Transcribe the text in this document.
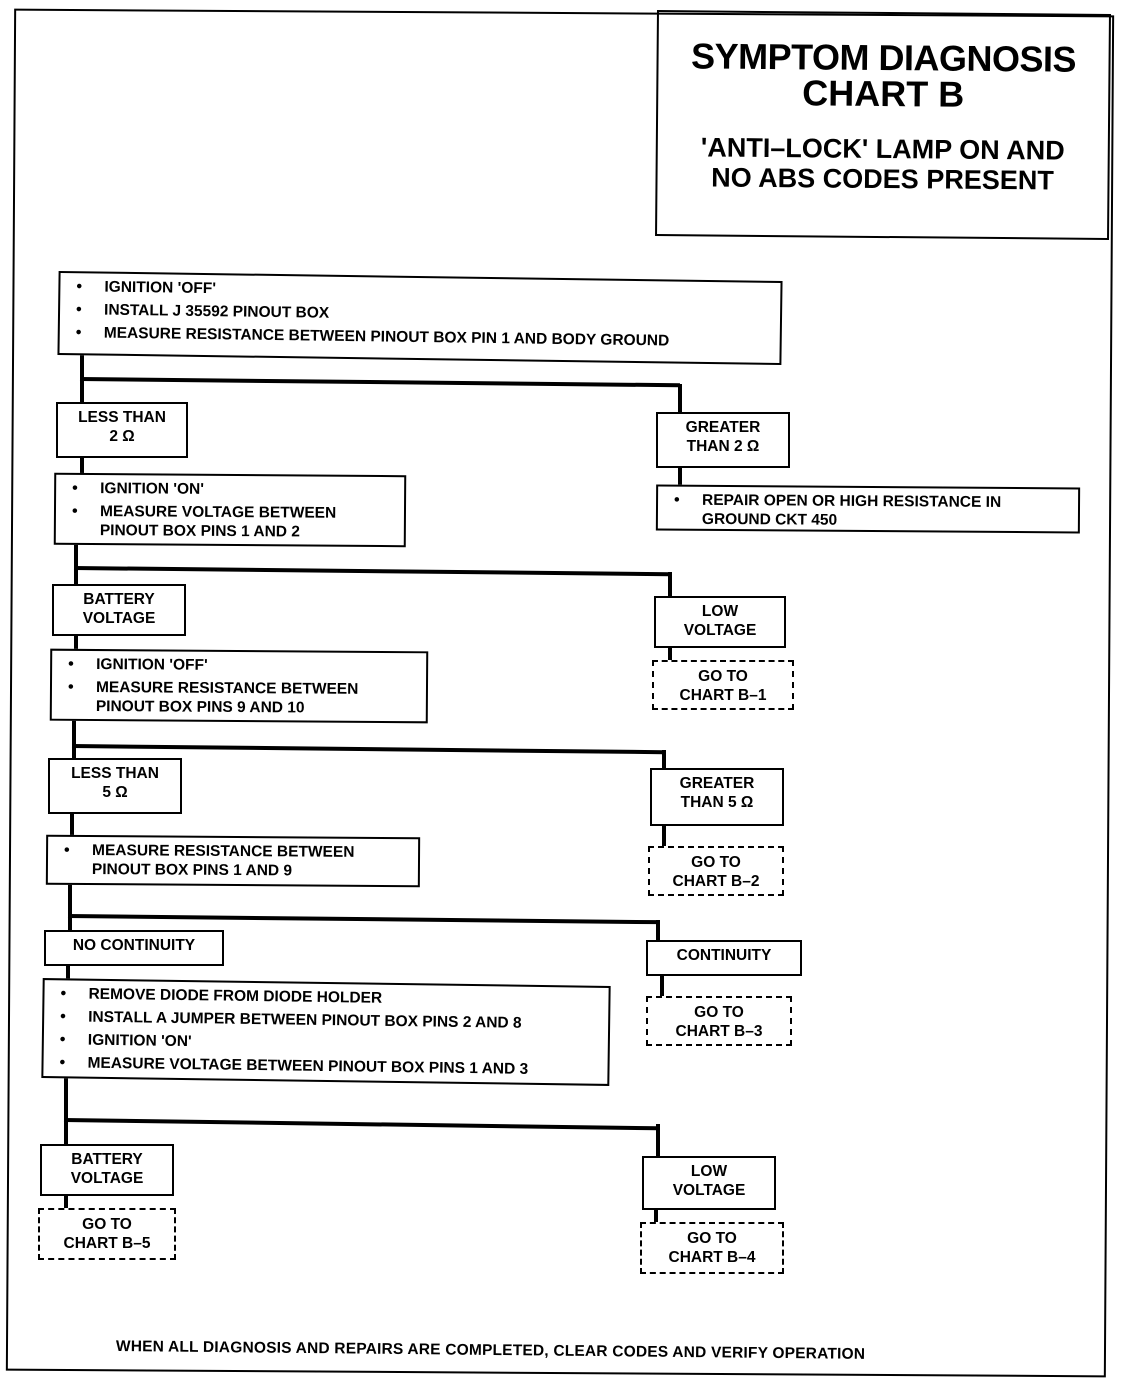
SYMPTOM DIAGNOSIS
CHART B
'ANTI–LOCK' LAMP ON AND
NO ABS CODES PRESENT
• IGNITION 'OFF'
• INSTALL J 35592 PINOUT BOX
• MEASURE RESISTANCE BETWEEN PINOUT BOX PIN 1 AND BODY GROUND
LESS THAN
2 Ω
GREATER
THAN 2 Ω
• REPAIR OPEN OR HIGH RESISTANCE IN GROUND CKT 450
• IGNITION 'ON'
• MEASURE VOLTAGE BETWEEN PINOUT BOX PINS 1 AND 2
BATTERY
VOLTAGE	LOW
VOLTAGE
GO TO
CHART B–1
• IGNITION 'OFF'
• MEASURE RESISTANCE BETWEEN PINOUT BOX PINS 9 AND 10
LESS THAN
5 Ω
GREATER
THAN 5 Ω
GO TO
CHART B–2
• MEASURE RESISTANCE BETWEEN PINOUT BOX PINS 1 AND 9
NO CONTINUITY
CONTINUITY
GO TO
CHART B–3
• REMOVE DIODE FROM DIODE HOLDER
• INSTALL A JUMPER BETWEEN PINOUT BOX PINS 2 AND 8
• IGNITION 'ON'
• MEASURE VOLTAGE BETWEEN PINOUT BOX PINS 1 AND 3
BATTERY
VOLTAGE	LOW
VOLTAGE
GO TO
CHART B–5	GO TO
CHART B–4
WHEN ALL DIAGNOSIS AND REPAIRS ARE COMPLETED, CLEAR CODES AND VERIFY OPERATION
